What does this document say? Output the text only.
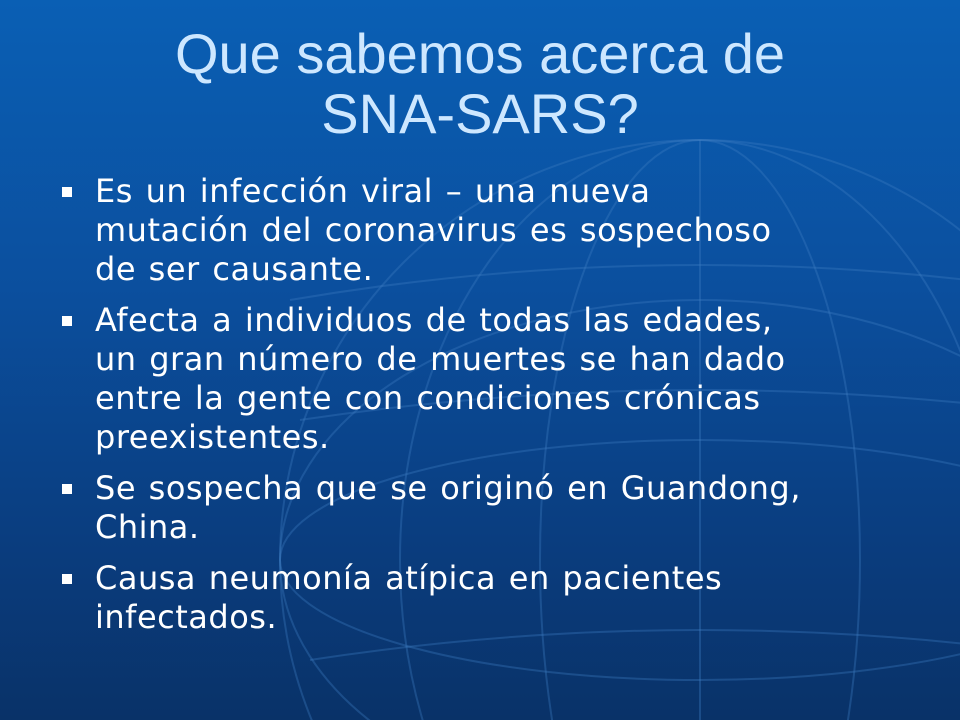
Que sabemos acerca de
SNA-SARS?
Es un infección viral – una nueva
mutación del coronavirus es sospechoso
de ser causante.
Afecta a individuos de todas las edades,
un gran número de muertes se han dado
entre la gente con condiciones crónicas
preexistentes.
Se sospecha que se originó en Guandong,
China.
Causa neumonía atípica en pacientes
infectados.
